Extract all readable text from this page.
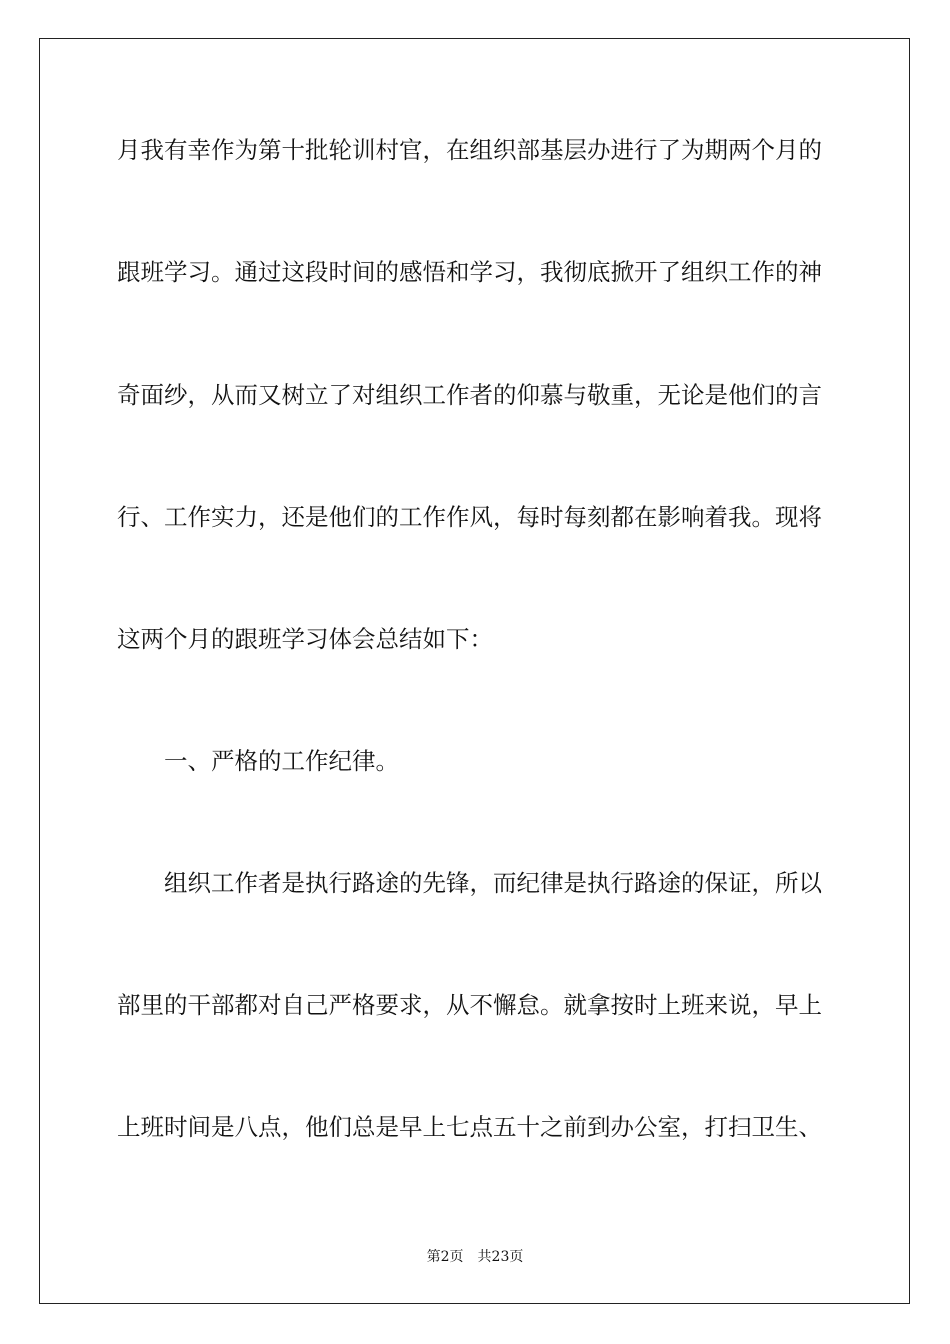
月我有幸作为第十批轮训村官，在组织部基层办进行了为期两个月的
跟班学习。通过这段时间的感悟和学习，我彻底掀开了组织工作的神
奇面纱，从而又树立了对组织工作者的仰慕与敬重，无论是他们的言
行、工作实力，还是他们的工作作风，每时每刻都在影响着我。现将
这两个月的跟班学习体会总结如下：
一、严格的工作纪律。
组织工作者是执行路途的先锋，而纪律是执行路途的保证，所以
部里的干部都对自己严格要求，从不懈怠。就拿按时上班来说，早上
上班时间是八点，他们总是早上七点五十之前到办公室，打扫卫生、
第2页 共23页
